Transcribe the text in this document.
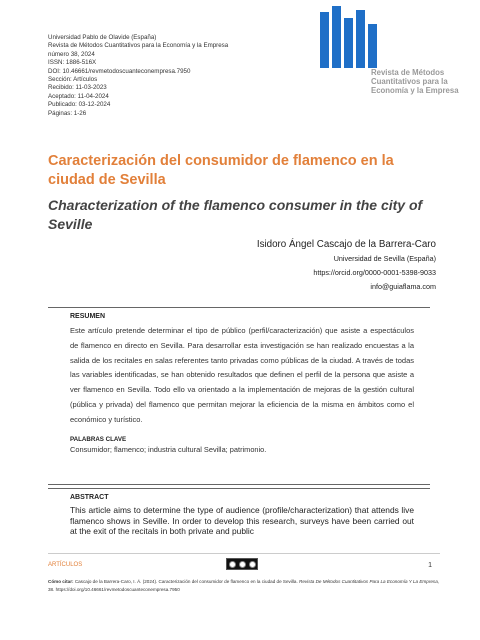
Universidad Pablo de Olavide (España)
Revista de Métodos Cuantitativos para la Economía y la Empresa
número 38, 2024
ISSN: 1886-516X
DOI: 10.46661/revmetodoscuanteconempresa.7950
Sección: Artículos
Recibido: 11-03-2023
Aceptado: 11-04-2024
Publicado: 03-12-2024
Páginas: 1-26
Revista de Métodos
Cuantitativos para la
Economía y la Empresa
Caracterización del consumidor de flamenco en la ciudad de Sevilla
Characterization of the flamenco consumer in the city of Seville
Isidoro Ángel Cascajo de la Barrera-Caro
Universidad de Sevilla (España)
https://orcid.org/0000-0001-5398-9033
info@guiaflama.com
RESUMEN
Este artículo pretende determinar el tipo de público (perfil/caracterización) que asiste a espectáculos de flamenco en directo en Sevilla. Para desarrollar esta investigación se han realizado encuestas a la salida de los recitales en salas referentes tanto privadas como públicas de la ciudad. A través de todas las variables identificadas, se han obtenido resultados que definen el perfil de la persona que asiste a ver flamenco en Sevilla. Todo ello va orientado a la implementación de mejoras de la gestión cultural (pública y privada) del flamenco que permitan mejorar la eficiencia de la misma en ámbitos como el económico y turístico.
PALABRAS CLAVE
Consumidor; flamenco; industria cultural Sevilla; patrimonio.
ABSTRACT
This article aims to determine the type of audience (profile/characterization) that attends live flamenco shows in Seville. In order to develop this research, surveys have been carried out at the exit of the recitals in both private and public
ARTÍCULOS	1
Cómo citar: Cascajo de la Barrera-Caro, I. Á. (2024). Caracterización del consumidor de flamenco en la ciudad de Sevilla. Revista De Métodos Cuantitativos Para La Economía Y La Empresa, 38. https://doi.org/10.46661/revmetodoscuanteconempresa.7950
